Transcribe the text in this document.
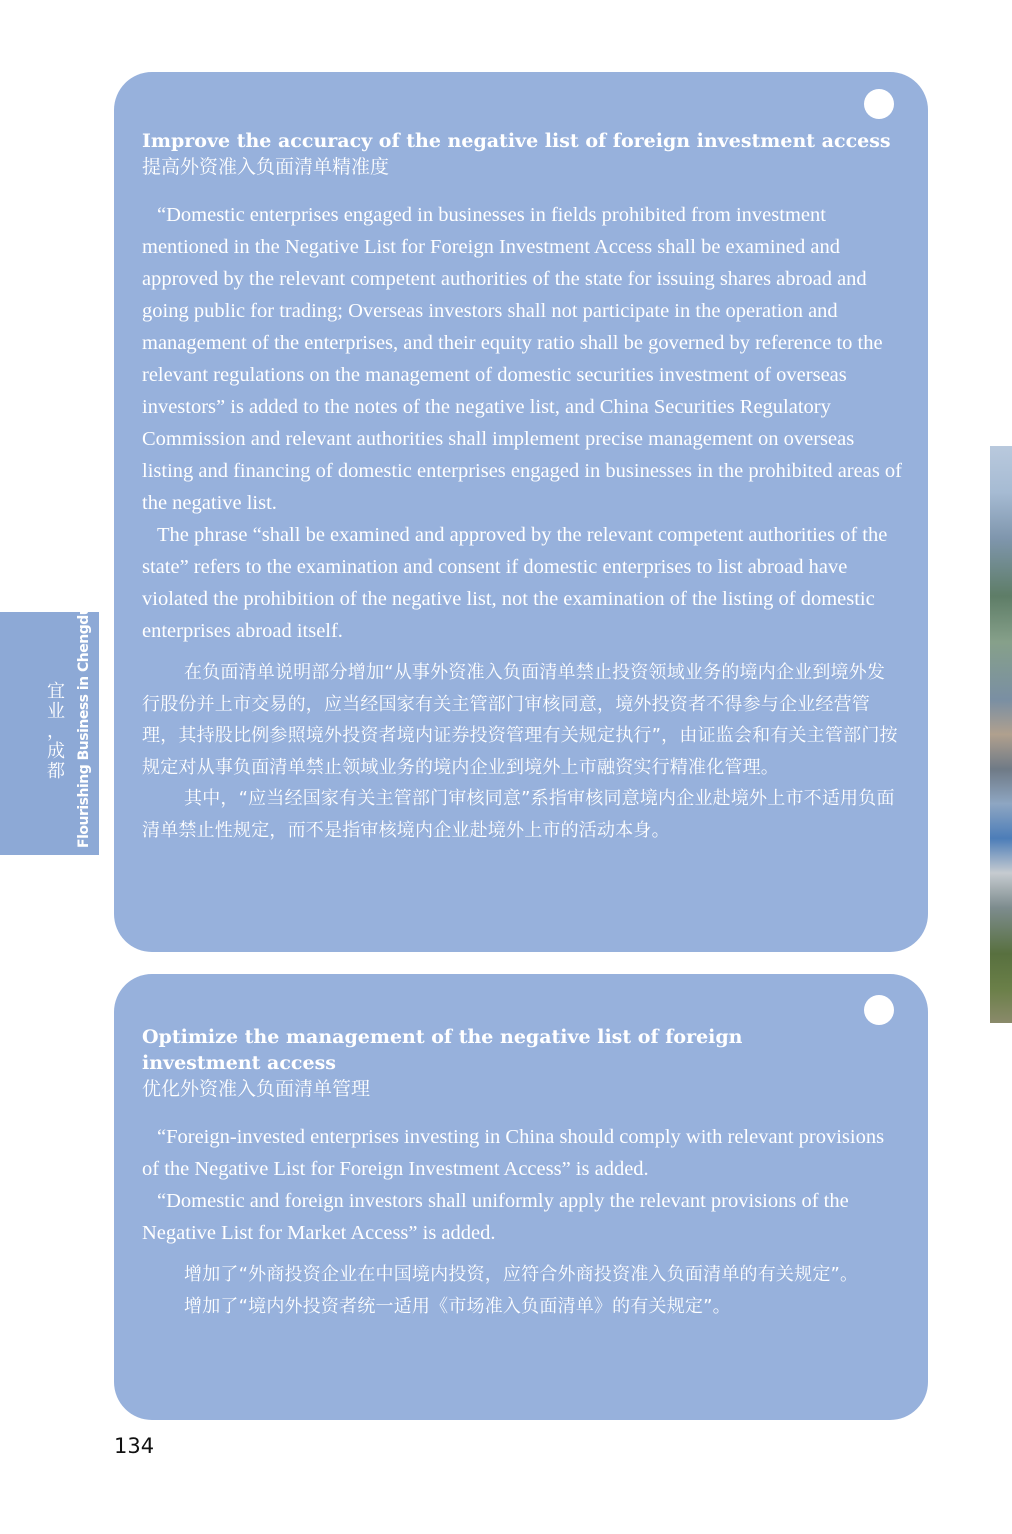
Flourishing Business in Chengdu
宜
业
，
成
都

Improve the accuracy of the negative list of foreign investment access

提高外资准入负面清单精准度

“Domestic enterprises engaged in businesses in fields prohibited from investment mentioned in the Negative List for Foreign Investment Access shall be examined and approved by the relevant competent authorities of the state for issuing shares abroad and going public for trading; Overseas investors shall not participate in the operation and management of the enterprises, and their equity ratio shall be governed by reference to the relevant regulations on the management of domestic securities investment of overseas investors” is added to the notes of the negative list, and China Securities Regulatory Commission and relevant authorities shall implement precise management on overseas listing and financing of domestic enterprises engaged in businesses in the prohibited areas of the negative list.

The phrase “shall be examined and approved by the relevant competent authorities of the state” refers to the examination and consent if domestic enterprises to list abroad have violated the prohibition of the negative list, not the examination of the listing of domestic enterprises abroad itself.

在负面清单说明部分增加“从事外资准入负面清单禁止投资领域业务的境内企业到境外发行股份并上市交易的，应当经国家有关主管部门审核同意，境外投资者不得参与企业经营管理，其持股比例参照境外投资者境内证券投资管理有关规定执行”，由证监会和有关主管部门按规定对从事负面清单禁止领域业务的境内企业到境外上市融资实行精准化管理。

其中，“应当经国家有关主管部门审核同意”系指审核同意境内企业赴境外上市不适用负面清单禁止性规定，而不是指审核境内企业赴境外上市的活动本身。

Optimize the management of the negative list of foreign investment access

优化外资准入负面清单管理

“Foreign-invested enterprises investing in China should comply with relevant provisions of the Negative List for Foreign Investment Access” is added.

“Domestic and foreign investors shall uniformly apply the relevant provisions of the Negative List for Market Access” is added.

增加了“外商投资企业在中国境内投资，应符合外商投资准入负面清单的有关规定”。

增加了“境内外投资者统一适用《市场准入负面清单》的有关规定”。

134
